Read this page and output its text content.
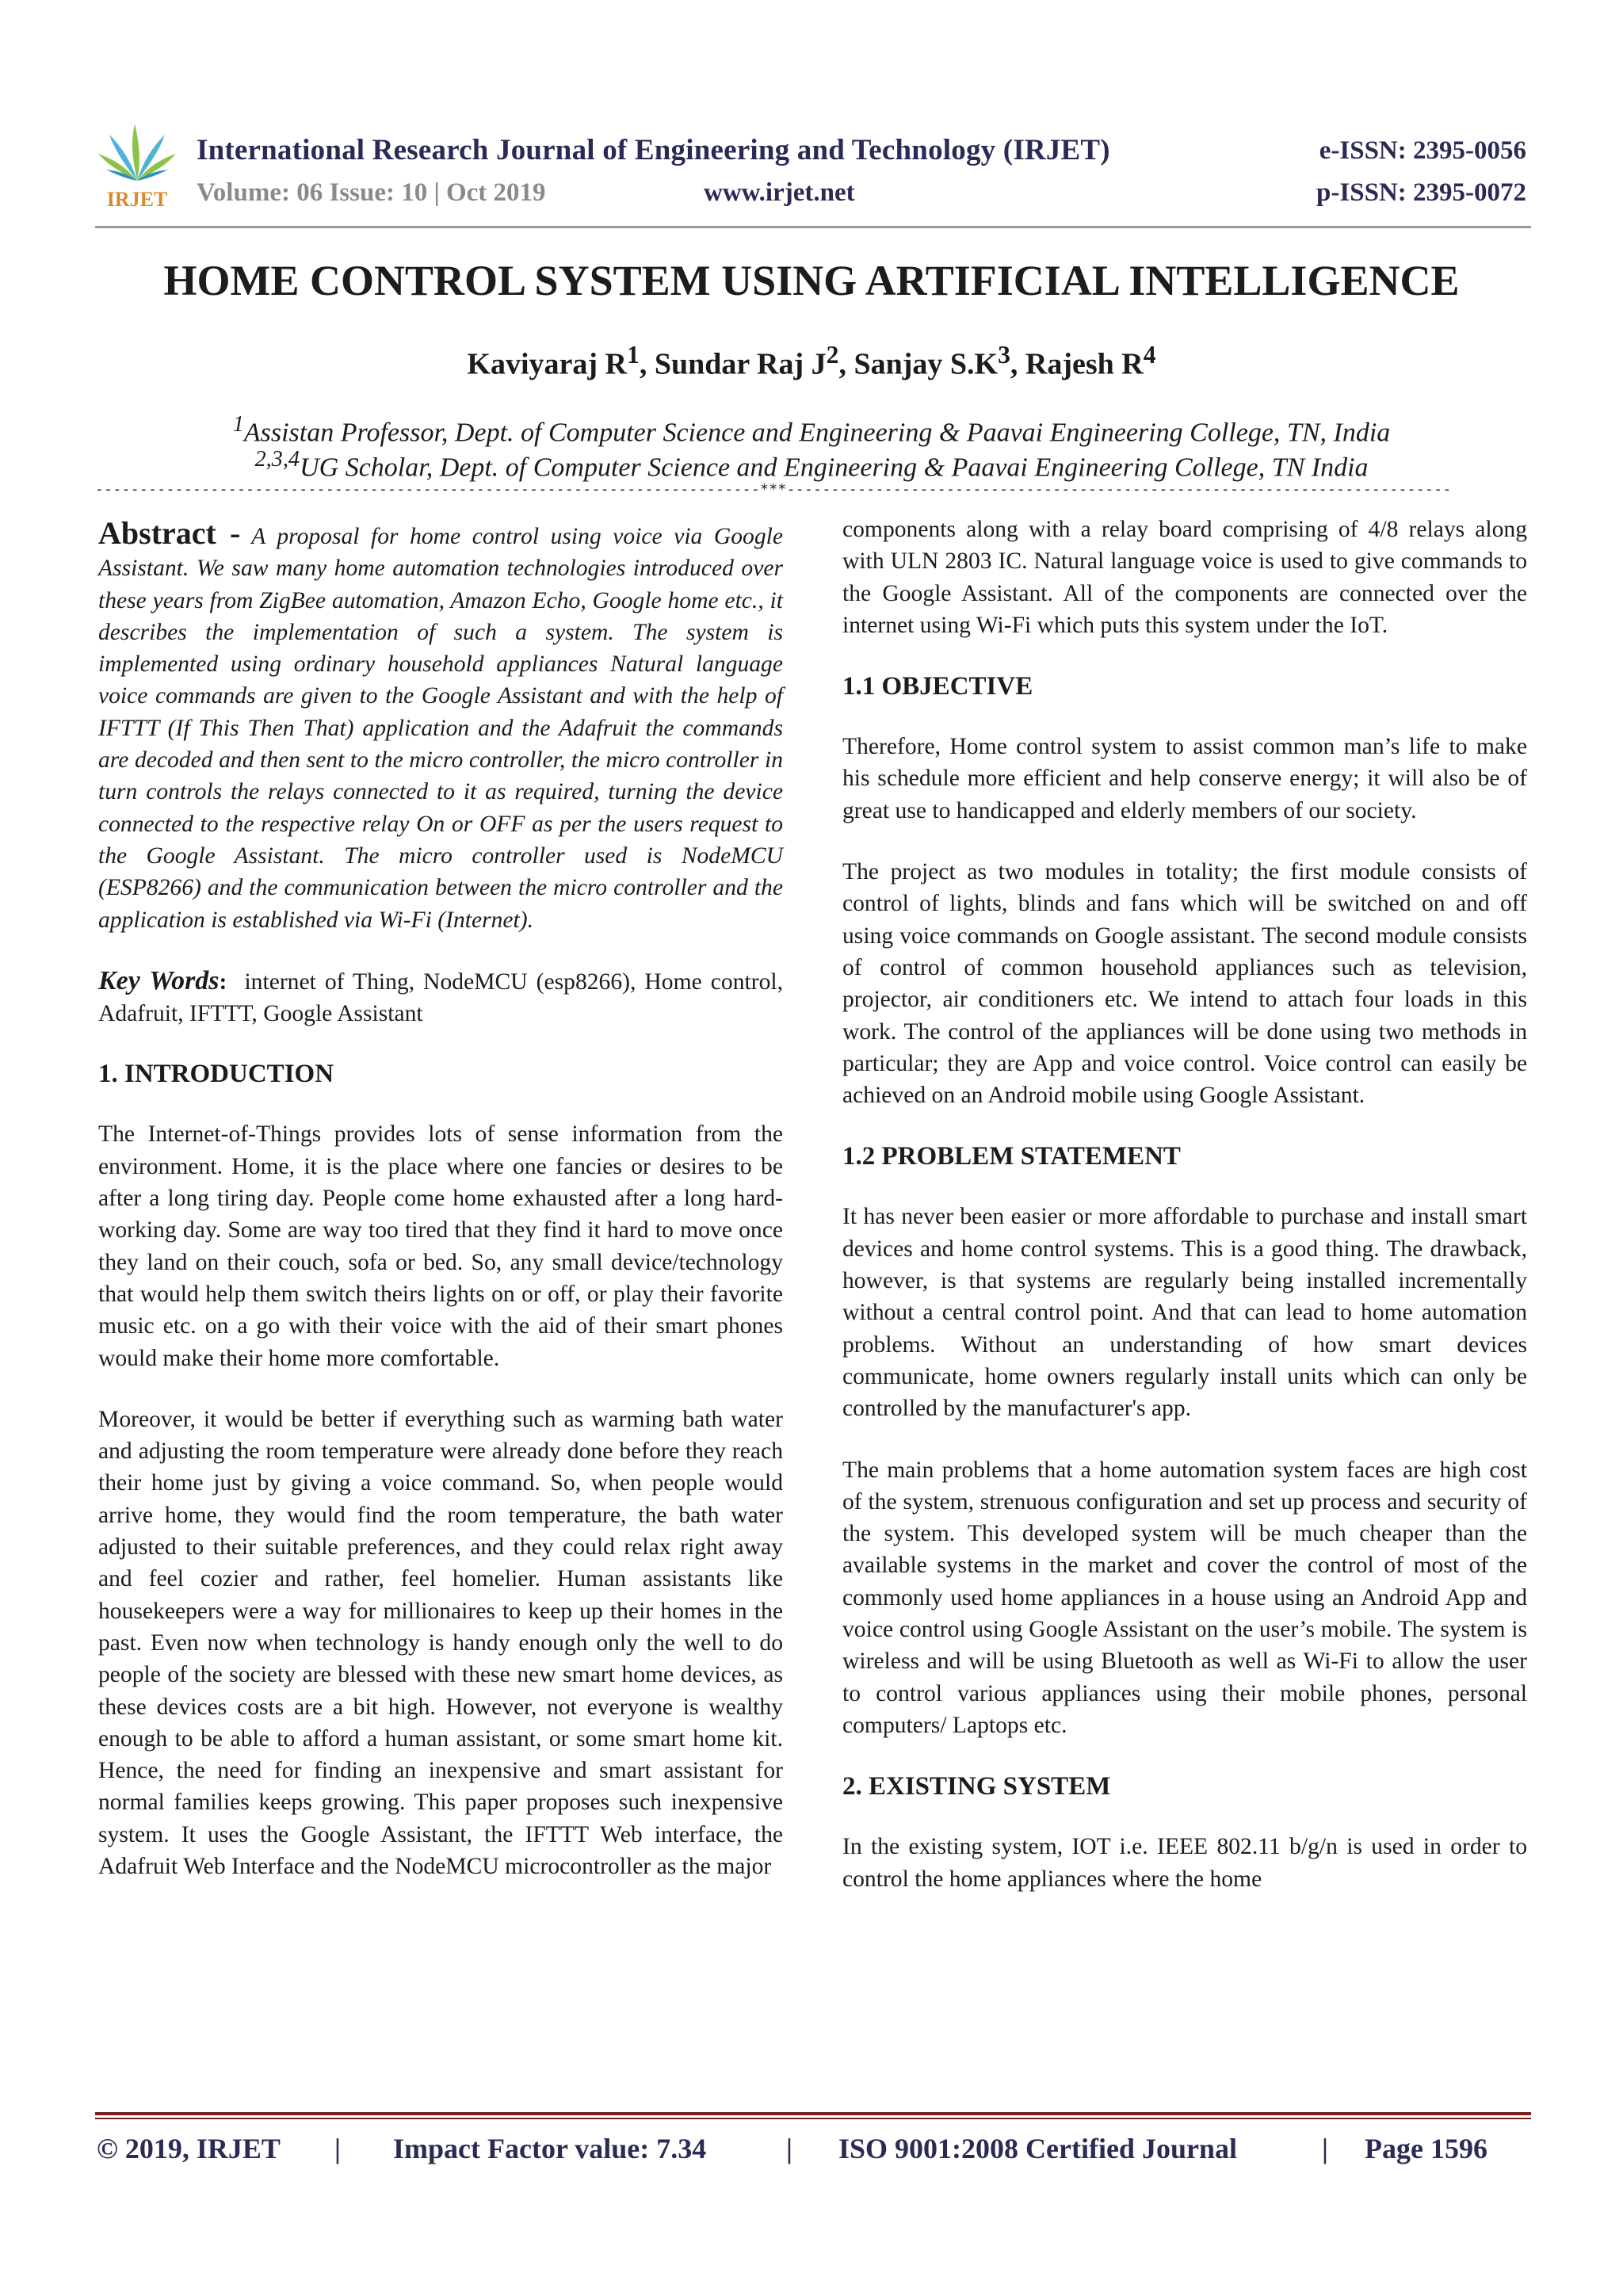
IRJET
International Research Journal of Engineering and Technology (IRJET)	e-ISSN: 2395-0056
Volume: 06 Issue: 10 | Oct 2019	www.irjet.net	p-ISSN: 2395-0072
HOME CONTROL SYSTEM USING ARTIFICIAL INTELLIGENCE
Kaviyaraj $R^1$, Sundar Raj $J^2$, Sanjay $S.K^3$, Rajesh $R^4$
$^1$Assistan Professor, Dept. of Computer Science and Engineering & Paavai Engineering College, TN, India
$^{2,3,4}$UG Scholar, Dept. of Computer Science and Engineering & Paavai Engineering College, TN India
---------------------------------------------------------------------------***---------------------------------------------------------------------------

Abstract - A proposal for home control using voice via Google Assistant. We saw many home automation technologies introduced over these years from ZigBee automation, Amazon Echo, Google home etc., it describes the implementation of such a system. The system is implemented using ordinary household appliances Natural language voice commands are given to the Google Assistant and with the help of IFTTT (If This Then That) application and the Adafruit the commands are decoded and then sent to the micro controller, the micro controller in turn controls the relays connected to it as required, turning the device connected to the respective relay On or OFF as per the users request to the Google Assistant. The micro controller used is NodeMCU (ESP8266) and the communication between the micro controller and the application is established via Wi-Fi (Internet).

Key Words: internet of Thing, NodeMCU (esp8266), Home control, Adafruit, IFTTT, Google Assistant

1. INTRODUCTION

The Internet-of-Things provides lots of sense information from the environment. Home, it is the place where one fancies or desires to be after a long tiring day. People come home exhausted after a long hard-working day. Some are way too tired that they find it hard to move once they land on their couch, sofa or bed. So, any small device/technology that would help them switch theirs lights on or off, or play their favorite music etc. on a go with their voice with the aid of their smart phones would make their home more comfortable.

Moreover, it would be better if everything such as warming bath water and adjusting the room temperature were already done before they reach their home just by giving a voice command. So, when people would arrive home, they would find the room temperature, the bath water adjusted to their suitable preferences, and they could relax right away and feel cozier and rather, feel homelier. Human assistants like housekeepers were a way for millionaires to keep up their homes in the past. Even now when technology is handy enough only the well to do people of the society are blessed with these new smart home devices, as these devices costs are a bit high. However, not everyone is wealthy enough to be able to afford a human assistant, or some smart home kit. Hence, the need for finding an inexpensive and smart assistant for normal families keeps growing. This paper proposes such inexpensive system. It uses the Google Assistant, the IFTTT Web interface, the Adafruit Web Interface and the NodeMCU microcontroller as the major

components along with a relay board comprising of 4/8 relays along with ULN 2803 IC. Natural language voice is used to give commands to the Google Assistant. All of the components are connected over the internet using Wi-Fi which puts this system under the IoT.

1.1 OBJECTIVE

Therefore, Home control system to assist common man’s life to make his schedule more efficient and help conserve energy; it will also be of great use to handicapped and elderly members of our society.

The project as two modules in totality; the first module consists of control of lights, blinds and fans which will be switched on and off using voice commands on Google assistant. The second module consists of control of common household appliances such as television, projector, air conditioners etc. We intend to attach four loads in this work. The control of the appliances will be done using two methods in particular; they are App and voice control. Voice control can easily be achieved on an Android mobile using Google Assistant.

1.2 PROBLEM STATEMENT

It has never been easier or more affordable to purchase and install smart devices and home control systems. This is a good thing. The drawback, however, is that systems are regularly being installed incrementally without a central control point. And that can lead to home automation problems. Without an understanding of how smart devices communicate, home owners regularly install units which can only be controlled by the manufacturer's app.

The main problems that a home automation system faces are high cost of the system, strenuous configuration and set up process and security of the system. This developed system will be much cheaper than the available systems in the market and cover the control of most of the commonly used home appliances in a house using an Android App and voice control using Google Assistant on the user’s mobile. The system is wireless and will be using Bluetooth as well as Wi-Fi to allow the user to control various appliances using their mobile phones, personal computers/ Laptops etc.

2. EXISTING SYSTEM

In the existing system, IOT i.e. IEEE 802.11 b/g/n is used in order to control the home appliances where the home

© 2019, IRJET | Impact Factor value: 7.34	| ISO 9001:2008 Certified Journal	| Page 1596
